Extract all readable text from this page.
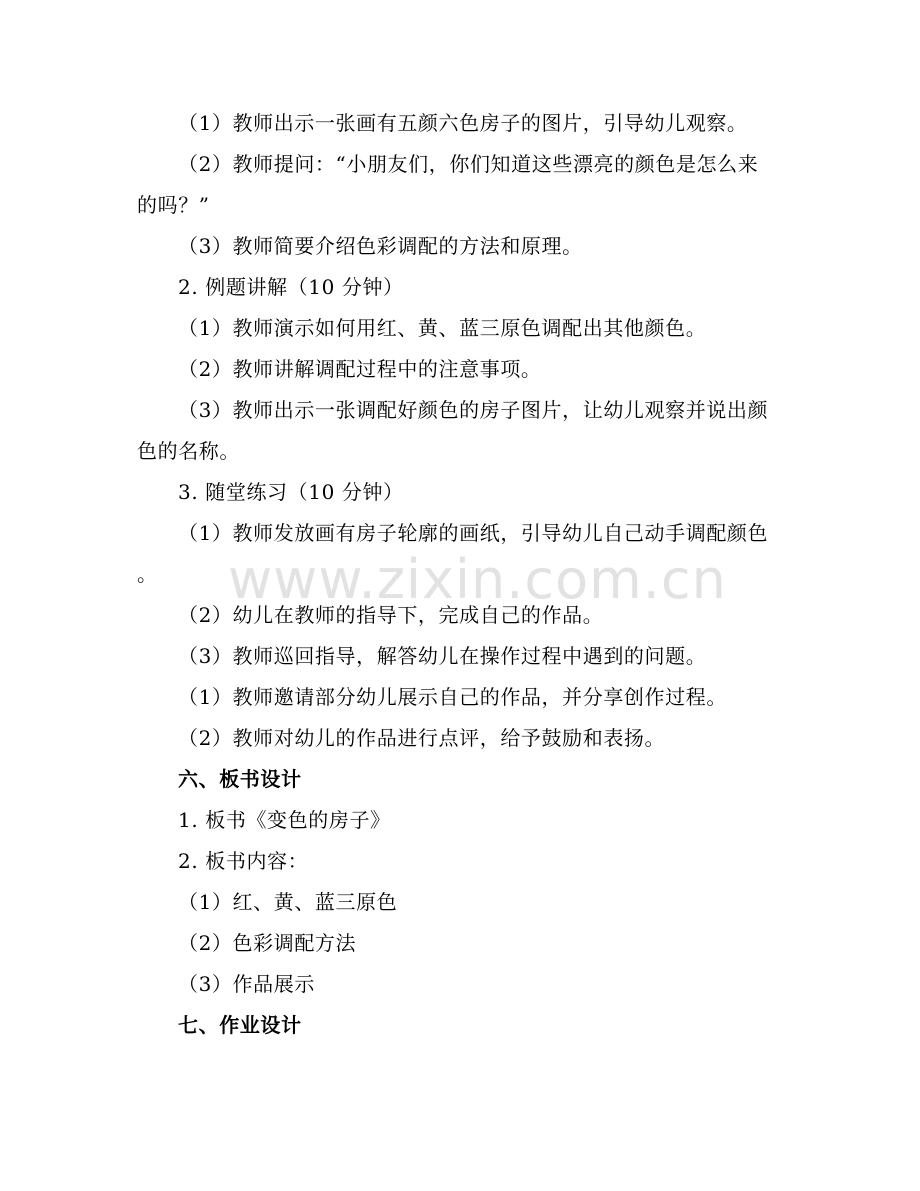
www.zixin.com.cn
（1）教师出示一张画有五颜六色房子的图片，引导幼儿观察。
（2）教师提问：“小朋友们，你们知道这些漂亮的颜色是怎么来
的吗？”
（3）教师简要介绍色彩调配的方法和原理。
2. 例题讲解（10 分钟）
（1）教师演示如何用红、黄、蓝三原色调配出其他颜色。
（2）教师讲解调配过程中的注意事项。
（3）教师出示一张调配好颜色的房子图片，让幼儿观察并说出颜
色的名称。
3. 随堂练习（10 分钟）
（1）教师发放画有房子轮廓的画纸，引导幼儿自己动手调配颜色
。
（2）幼儿在教师的指导下，完成自己的作品。
（3）教师巡回指导，解答幼儿在操作过程中遇到的问题。
（1）教师邀请部分幼儿展示自己的作品，并分享创作过程。
（2）教师对幼儿的作品进行点评，给予鼓励和表扬。
六、板书设计
1. 板书《变色的房子》
2. 板书内容：
（1）红、黄、蓝三原色
（2）色彩调配方法
（3）作品展示
七、作业设计
